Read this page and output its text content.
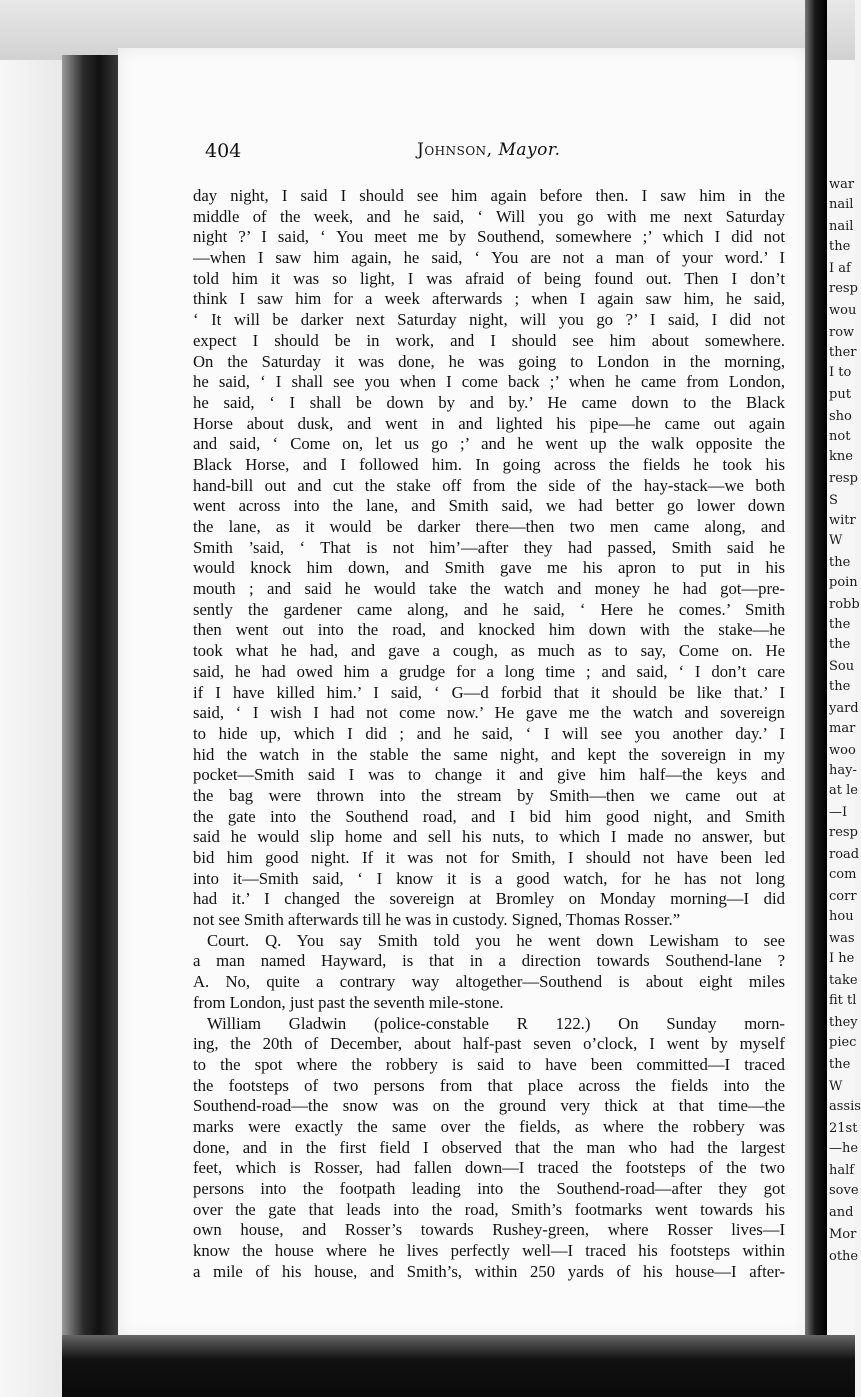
war
nail
nail
the
I af
resp
wou
row
ther
I to
put
sho
not
kne
resp
S
witr
W
the
poin
robb
the
the
Sou
the
yard
mar
woo
hay-
at le
—I
resp
road
com
corr
hou
was
I he
take
fit tl
they
piec
the
W
assis
21st
—he
half
sove
and
Mor
othe
404	Johnson, Mayor.
day night, I said I should see him again before then. I saw him in the
middle of the week, and he said, ‘ Will you go with me next Saturday
night ?’ I said, ‘ You meet me by Southend, somewhere ;’ which I did not
—when I saw him again, he said, ‘ You are not a man of your word.’ I
told him it was so light, I was afraid of being found out. Then I don’t
think I saw him for a week afterwards ; when I again saw him, he said,
‘ It will be darker next Saturday night, will you go ?’ I said, I did not
expect I should be in work, and I should see him about somewhere.
On the Saturday it was done, he was going to London in the morning,
he said, ‘ I shall see you when I come back ;’ when he came from London,
he said, ‘ I shall be down by and by.’ He came down to the Black
Horse about dusk, and went in and lighted his pipe—he came out again
and said, ‘ Come on, let us go ;’ and he went up the walk opposite the
Black Horse, and I followed him. In going across the fields he took his
hand-bill out and cut the stake off from the side of the hay-stack—we both
went across into the lane, and Smith said, we had better go lower down
the lane, as it would be darker there—then two men came along, and
Smith ’said, ‘ That is not him’—after they had passed, Smith said he
would knock him down, and Smith gave me his apron to put in his
mouth ; and said he would take the watch and money he had got—pre-
sently the gardener came along, and he said, ‘ Here he comes.’ Smith
then went out into the road, and knocked him down with the stake—he
took what he had, and gave a cough, as much as to say, Come on. He
said, he had owed him a grudge for a long time ; and said, ‘ I don’t care
if I have killed him.’ I said, ‘ G—d forbid that it should be like that.’ I
said, ‘ I wish I had not come now.’ He gave me the watch and sovereign
to hide up, which I did ; and he said, ‘ I will see you another day.’ I
hid the watch in the stable the same night, and kept the sovereign in my
pocket—Smith said I was to change it and give him half—the keys and
the bag were thrown into the stream by Smith—then we came out at
the gate into the Southend road, and I bid him good night, and Smith
said he would slip home and sell his nuts, to which I made no answer, but
bid him good night. If it was not for Smith, I should not have been led
into it—Smith said, ‘ I know it is a good watch, for he has not long
had it.’ I changed the sovereign at Bromley on Monday morning—I did
not see Smith afterwards till he was in custody. Signed, Thomas Rosser.”
Court. Q. You say Smith told you he went down Lewisham to see
a man named Hayward, is that in a direction towards Southend-lane ?
A. No, quite a contrary way altogether—Southend is about eight miles
from London, just past the seventh mile-stone.
William Gladwin (police-constable R 122.) On Sunday morn-
ing, the 20th of December, about half-past seven o’clock, I went by myself
to the spot where the robbery is said to have been committed—I traced
the footsteps of two persons from that place across the fields into the
Southend-road—the snow was on the ground very thick at that time—the
marks were exactly the same over the fields, as where the robbery was
done, and in the first field I observed that the man who had the largest
feet, which is Rosser, had fallen down—I traced the footsteps of the two
persons into the footpath leading into the Southend-road—after they got
over the gate that leads into the road, Smith’s footmarks went towards his
own house, and Rosser’s towards Rushey-green, where Rosser lives—I
know the house where he lives perfectly well—I traced his footsteps within
a mile of his house, and Smith’s, within 250 yards of his house—I after-
